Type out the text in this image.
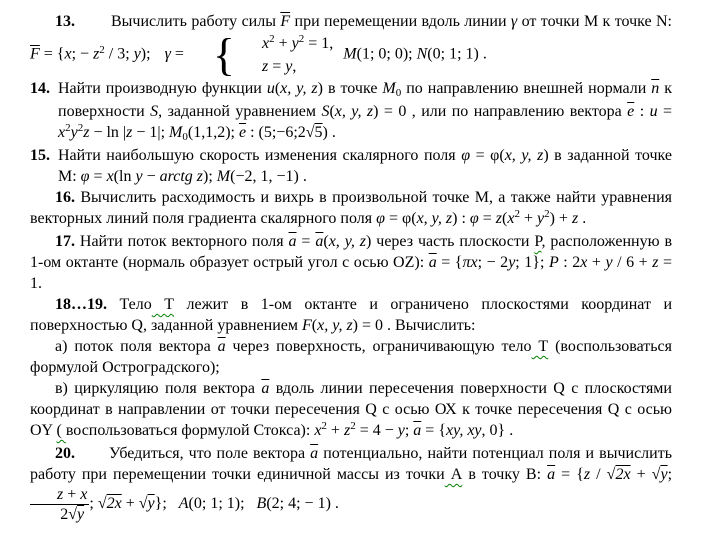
13. Вычислить работу силы $\overline{F}$ при перемещении вдоль линии γ от точки М к точке N: $\overline{F} = \{x$; − $z^2 / 3$; y); γ = {	$x^2 + y^2 = 1$,
z = y,
M(1; 0; 0); N(0; 1; 1) .

14. Найти производную функции u(x, y, z) в точке M0 по направлению внешней нормали $\overline{n}$ к поверхности S, заданной уравнением S(x, y, z) = 0 , или по направлению вектора $\overline{e}$ : $u = x^2y^2z - \ln |z - 1|$; M0(1,1,2); $\overline{e}$ : (5;−6;2√5) .

15. Найти наибольшую скорость изменения скалярного поля φ = φ(x, y, z) в заданной точке М: φ = x(ln y − arctg z); M(−2, 1, −1) .

16. Вычислить расходимость и вихрь в произвольной точке М, а также найти уравнения векторных линий поля градиента скалярного поля φ = φ(x, y, z) : $\varphi = z(x^2 + y^2) + z$ .

17. Найти поток векторного поля $\overline{a} = \overline{a}(x$, y, z) через часть плоскости P, расположенную в 1-ом октанте (нормаль образует острый угол с осью OZ): $\overline{a} = \{\pi x$; − 2y; 1}; P : 2x + y / 6 + z = 1.

18…19. Тело Т лежит в 1-ом октанте и ограничено плоскостями координат и поверхностью Q, заданной уравнением F(x, y, z) = 0 . Вычислить:

а) поток поля вектора $\overline{a}$ через поверхность, ограничивающую тело Т (воспользоваться формулой Остроградского);

в) циркуляцию поля вектора $\overline{a}$ вдоль линии пересечения поверхности Q с плоскостями координат в направлении от точки пересечения Q с осью ОХ к точке пересечения Q с осью ОY ( воспользоваться формулой Стокса): $x^2 + z^2 = 4 - y$; $\overline{a} = \{xy$, xy, 0} .

20. Убедиться, что поле вектора $\overline{a}$ потенциально, найти потенциал поля и вычислить работу при перемещении точки единичной массы из точки А в точку В: $\overline{a} = \{z / √2x + √y$;
$\frac{z + x}{2√y}$ ; √2x + √y}; A(0; 1; 1); B(2; 4; − 1) .
